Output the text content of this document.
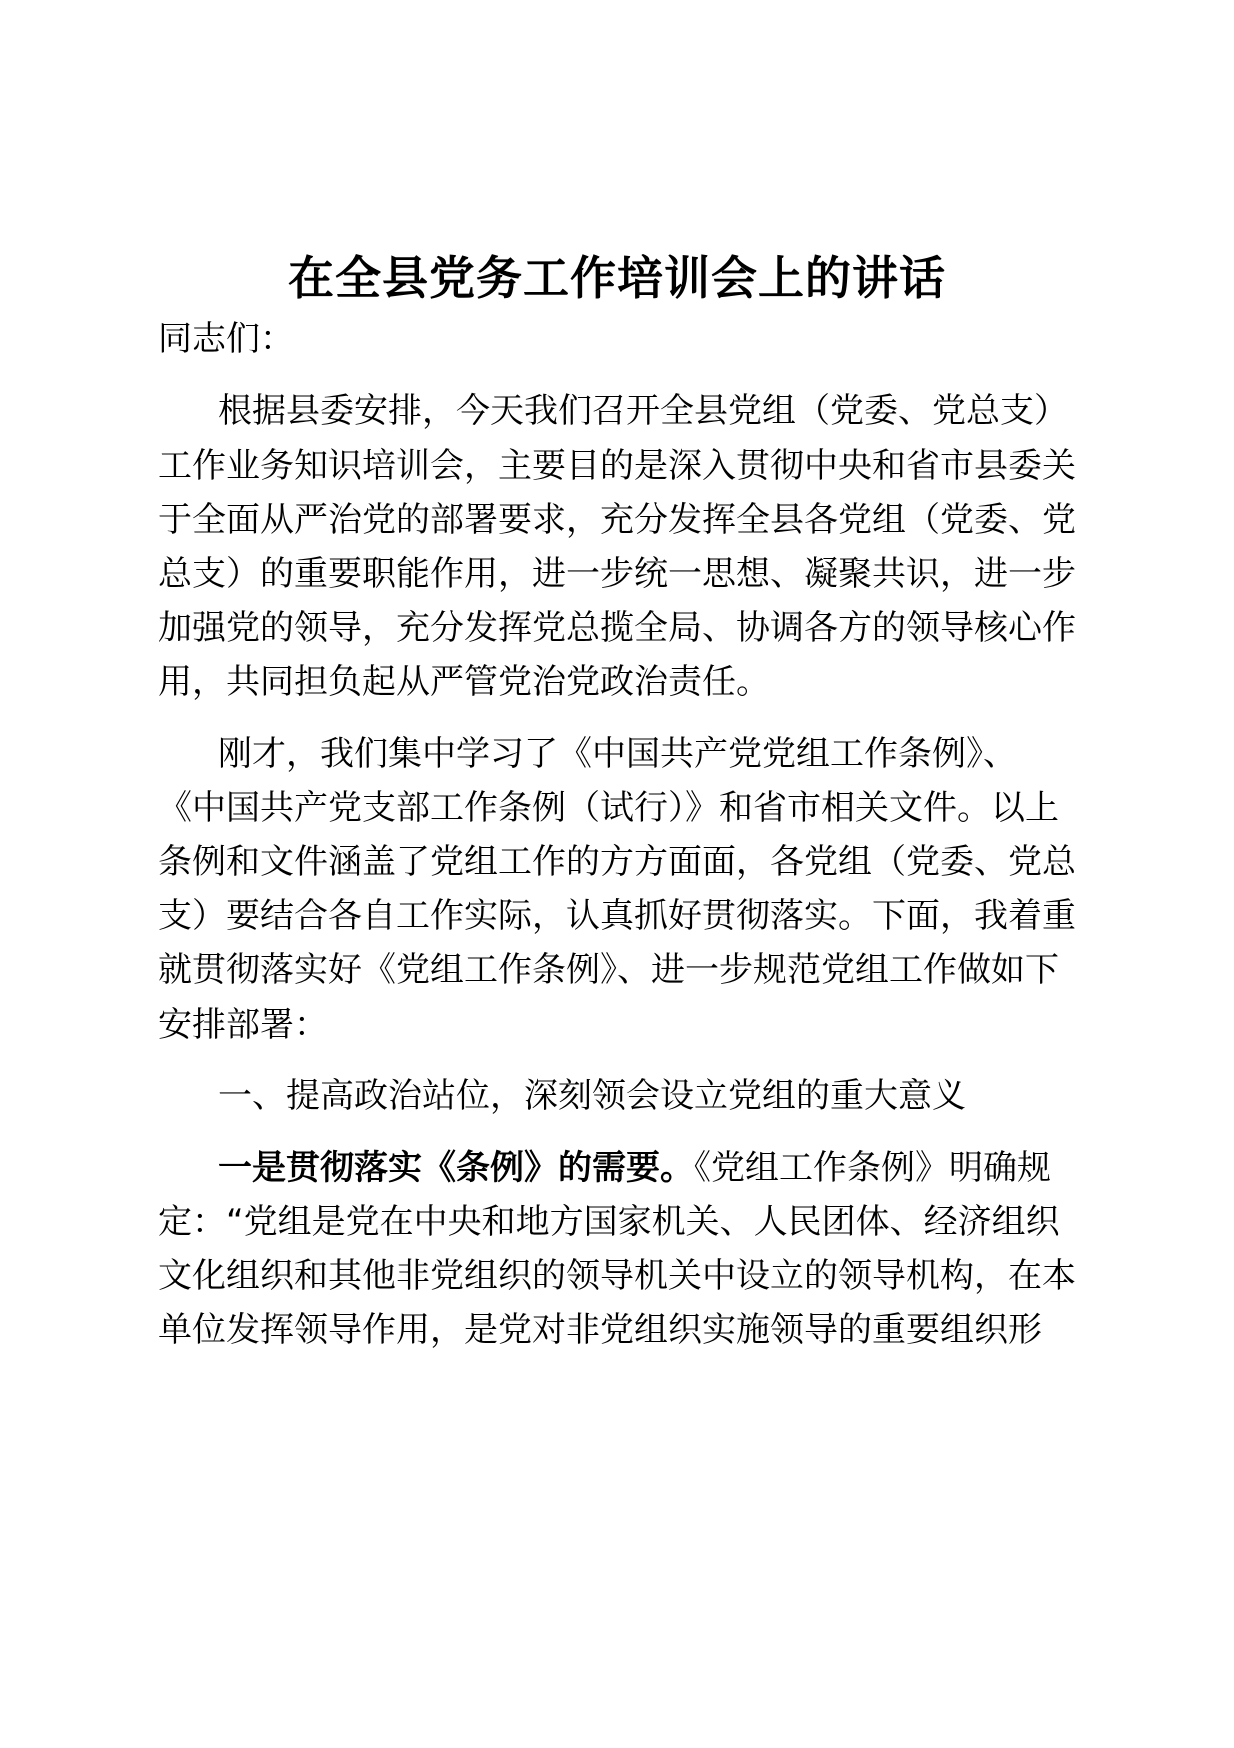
在全县党务工作培训会上的讲话
同志们：
根据县委安排，今天我们召开全县党组（党委、党总支）
工作业务知识培训会，主要目的是深入贯彻中央和省市县委关
于全面从严治党的部署要求，充分发挥全县各党组（党委、党
总支）的重要职能作用，进一步统一思想、凝聚共识，进一步
加强党的领导，充分发挥党总揽全局、协调各方的领导核心作
用，共同担负起从严管党治党政治责任。
刚才，我们集中学习了《中国共产党党组工作条例》、
《中国共产党支部工作条例（试行）》和省市相关文件。以上
条例和文件涵盖了党组工作的方方面面，各党组（党委、党总
支）要结合各自工作实际，认真抓好贯彻落实。下面，我着重
就贯彻落实好《党组工作条例》、进一步规范党组工作做如下
安排部署：
一、提高政治站位，深刻领会设立党组的重大意义
一是贯彻落实《条例》的需要。《党组工作条例》明确规
定：“党组是党在中央和地方国家机关、人民团体、经济组织
文化组织和其他非党组织的领导机关中设立的领导机构，在本
单位发挥领导作用，是党对非党组织实施领导的重要组织形
